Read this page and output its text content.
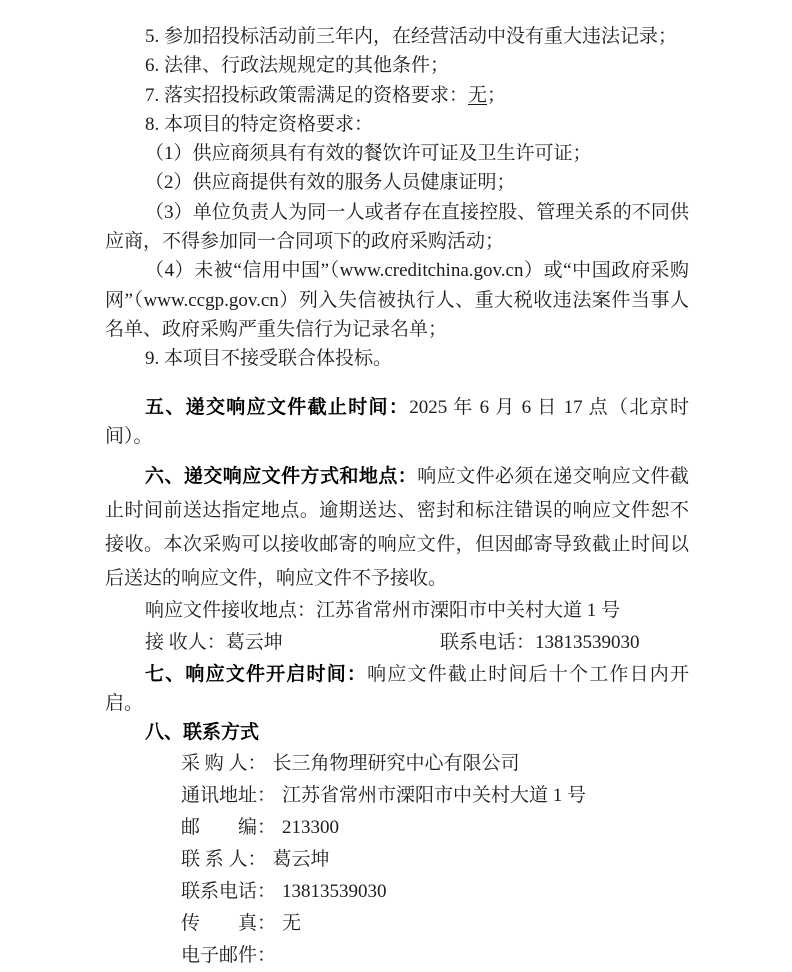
5. 参加招投标活动前三年内，在经营活动中没有重大违法记录；

6. 法律、行政法规规定的其他条件；

7. 落实招投标政策需满足的资格要求：无；

8. 本项目的特定资格要求：

（1）供应商须具有有效的餐饮许可证及卫生许可证；

（2）供应商提供有效的服务人员健康证明；

（3）单位负责人为同一人或者存在直接控股、管理关系的不同供应商，不得参加同一合同项下的政府采购活动；

（4）未被“信用中国”（www.creditchina.gov.cn）或“中国政府采购网”（www.ccgp.gov.cn）列入失信被执行人、重大税收违法案件当事人名单、政府采购严重失信行为记录名单；

9. 本项目不接受联合体投标。

五、递交响应文件截止时间：2025 年 6 月 6 日 17 点（北京时间）。

六、递交响应文件方式和地点：响应文件必须在递交响应文件截止时间前送达指定地点。逾期送达、密封和标注错误的响应文件恕不接收。本次采购可以接收邮寄的响应文件，但因邮寄导致截止时间以后送达的响应文件，响应文件不予接收。

响应文件接收地点：江苏省常州市溧阳市中关村大道 1 号

接 收人：葛云坤	联系电话：13813539030

七、响应文件开启时间：响应文件截止时间后十个工作日内开启。

八、联系方式

采 购 人： 长三角物理研究中心有限公司

通讯地址： 江苏省常州市溧阳市中关村大道 1 号

邮　　编： 213300

联 系 人： 葛云坤

联系电话： 13813539030

传　　真： 无

电子邮件：
